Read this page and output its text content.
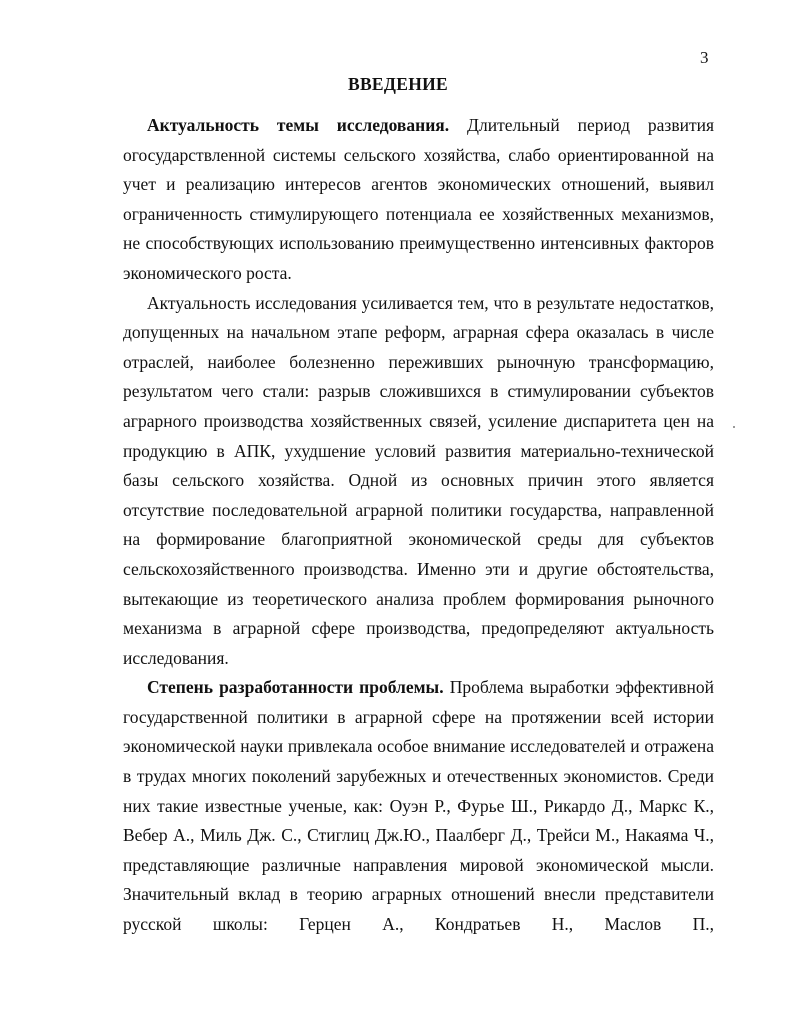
3
ВВЕДЕНИЕ

Актуальность темы исследования. Длительный период развития огосударствленной системы сельского хозяйства, слабо ориентированной на учет и реализацию интересов агентов экономических отношений, выявил ограниченность стимулирующего потенциала ее хозяйственных механизмов, не способствующих использованию преимущественно интенсивных факторов экономического роста.

Актуальность исследования усиливается тем, что в результате недостатков, допущенных на начальном этапе реформ, аграрная сфера оказалась в числе отраслей, наиболее болезненно переживших рыночную трансформацию, результатом чего стали: разрыв сложившихся в стимулировании субъектов аграрного производства хозяйственных связей, усиление диспаритета цен на продукцию в АПК, ухудшение условий развития материально-технической базы сельского хозяйства. Одной из основных причин этого является отсутствие последовательной аграрной политики государства, направленной на формирование благоприятной экономической среды для субъектов сельскохозяйственного производства. Именно эти и другие обстоятельства, вытекающие из теоретического анализа проблем формирования рыночного механизма в аграрной сфере производства, предопределяют актуальность исследования.

Степень разработанности проблемы. Проблема выработки эффективной государственной политики в аграрной сфере на протяжении всей истории экономической науки привлекала особое внимание исследователей и отражена в трудах многих поколений зарубежных и отечественных экономистов. Среди них такие известные ученые, как: Оуэн Р., Фурье Ш., Рикардо Д., Маркс К., Вебер А., Миль Дж. С., Стиглиц Дж.Ю., Паалберг Д., Трейси М., Накаяма Ч., представляющие различные направления мировой экономической мысли. Значительный вклад в теорию аграрных отношений внесли представители русской школы: Герцен А., Кондратьев Н., Маслов П.,
